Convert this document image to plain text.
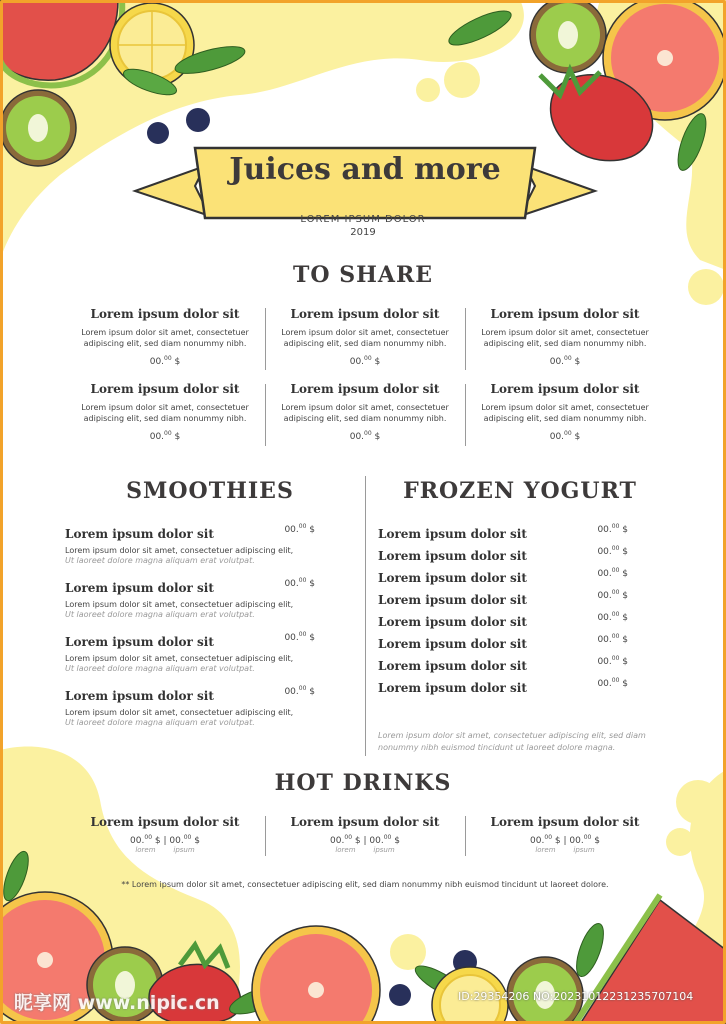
Juices and more
LOREM IPSUM DOLOR
2019
TO SHARE
Lorem ipsum dolor sit
Lorem ipsum dolor sit amet, consectetuer
adipiscing elit, sed diam nonummy nibh.
00.00 $
Lorem ipsum dolor sit
Lorem ipsum dolor sit amet, consectetuer
adipiscing elit, sed diam nonummy nibh.
00.00 $
Lorem ipsum dolor sit
Lorem ipsum dolor sit amet, consectetuer
adipiscing elit, sed diam nonummy nibh.
00.00 $
Lorem ipsum dolor sit
Lorem ipsum dolor sit amet, consectetuer
adipiscing elit, sed diam nonummy nibh.
00.00 $
Lorem ipsum dolor sit
Lorem ipsum dolor sit amet, consectetuer
adipiscing elit, sed diam nonummy nibh.
00.00 $
Lorem ipsum dolor sit
Lorem ipsum dolor sit amet, consectetuer
adipiscing elit, sed diam nonummy nibh.
00.00 $
SMOOTHIES
Lorem ipsum dolor sit	00.00 $
Lorem ipsum dolor sit amet, consectetuer adipiscing elit,
Ut laoreet dolore magna aliquam erat volutpat.
Lorem ipsum dolor sit	00.00 $
Lorem ipsum dolor sit amet, consectetuer adipiscing elit,
Ut laoreet dolore magna aliquam erat volutpat.
Lorem ipsum dolor sit	00.00 $
Lorem ipsum dolor sit amet, consectetuer adipiscing elit,
Ut laoreet dolore magna aliquam erat volutpat.
Lorem ipsum dolor sit	00.00 $
Lorem ipsum dolor sit amet, consectetuer adipiscing elit,
Ut laoreet dolore magna aliquam erat volutpat.
FROZEN YOGURT
Lorem ipsum dolor sit	00.00 $
Lorem ipsum dolor sit	00.00 $
Lorem ipsum dolor sit	00.00 $
Lorem ipsum dolor sit	00.00 $
Lorem ipsum dolor sit	00.00 $
Lorem ipsum dolor sit	00.00 $
Lorem ipsum dolor sit	00.00 $
Lorem ipsum dolor sit	00.00 $
Lorem ipsum dolor sit amet, consectetuer adipiscing elit, sed diam
nonummy nibh euismod tincidunt ut laoreet dolore magna.
HOT DRINKS
Lorem ipsum dolor sit
00.00 $ | 00.00 $
lorem	ipsum
Lorem ipsum dolor sit
00.00 $ | 00.00 $
lorem	ipsum
Lorem ipsum dolor sit
00.00 $ | 00.00 $
lorem	ipsum
** Lorem ipsum dolor sit amet, consectetuer adipiscing elit, sed diam nonummy nibh euismod tincidunt ut laoreet dolore.
昵享网 www.nipic.cn	ID:29354206 NO:20231012231235707104
